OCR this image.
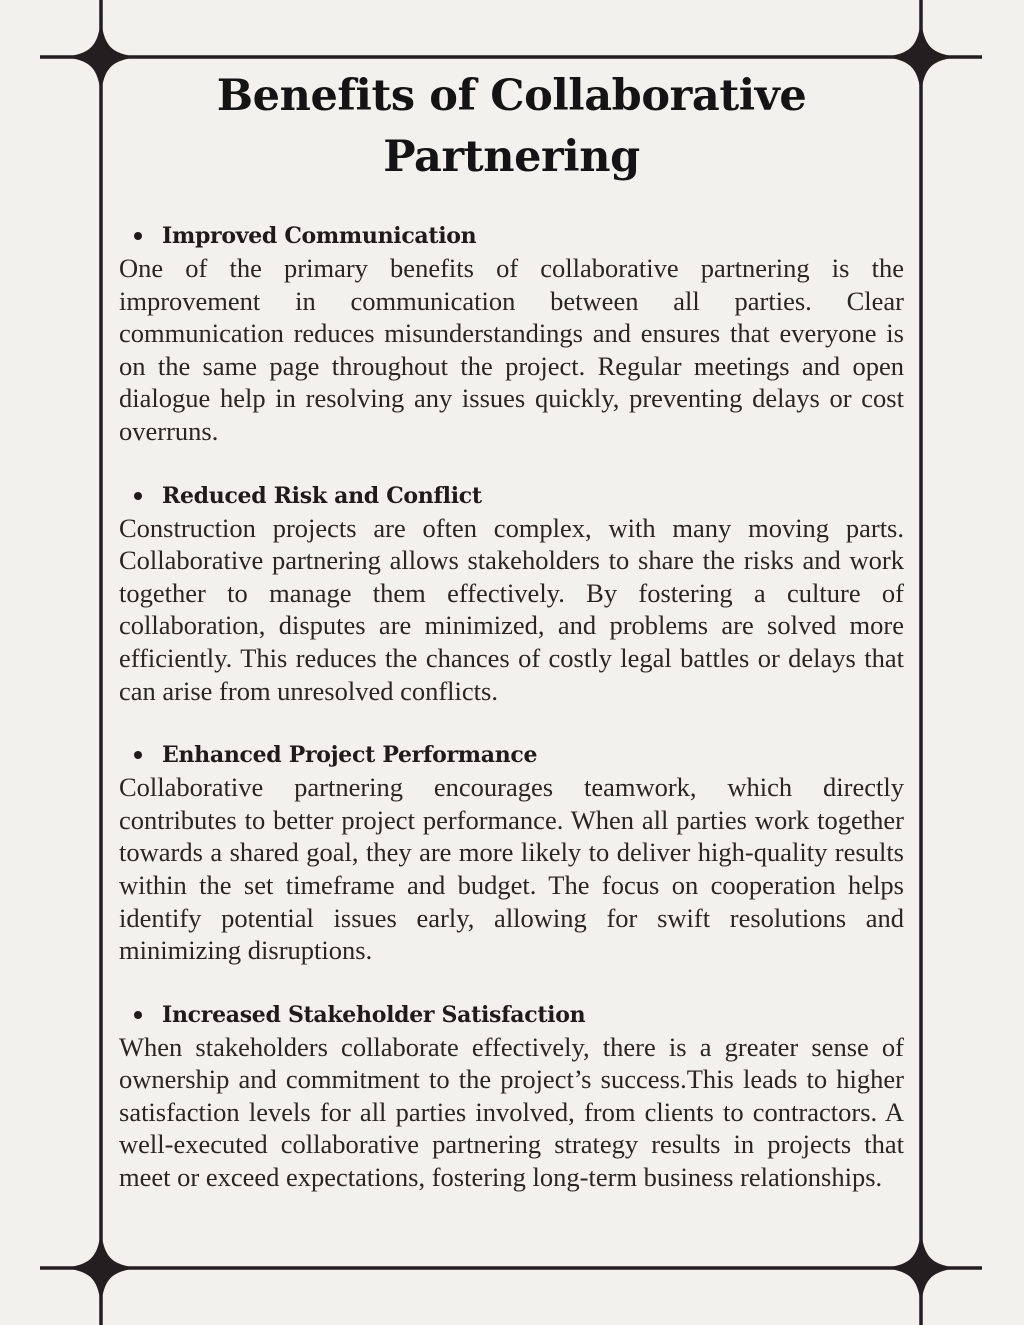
Benefits of Collaborative Partnering
Improved Communication

One of the primary benefits of collaborative partnering is the improvement in communication between all parties. Clear communication reduces misunderstandings and ensures that everyone is on the same page throughout the project. Regular meetings and open dialogue help in resolving any issues quickly, preventing delays or cost overruns.

Reduced Risk and Conflict

Construction projects are often complex, with many moving parts. Collaborative partnering allows stakeholders to share the risks and work together to manage them effectively. By fostering a culture of collaboration, disputes are minimized, and problems are solved more efficiently. This reduces the chances of costly legal battles or delays that can arise from unresolved conflicts.

Enhanced Project Performance

Collaborative partnering encourages teamwork, which directly contributes to better project performance. When all parties work together towards a shared goal, they are more likely to deliver high-quality results within the set timeframe and budget. The focus on cooperation helps identify potential issues early, allowing for swift resolutions and minimizing disruptions.

Increased Stakeholder Satisfaction

When stakeholders collaborate effectively, there is a greater sense of ownership and commitment to the project’s success.This leads to higher satisfaction levels for all parties involved, from clients to contractors. A well-executed collaborative partnering strategy results in projects that meet or exceed expectations, fostering long-term business relationships.
